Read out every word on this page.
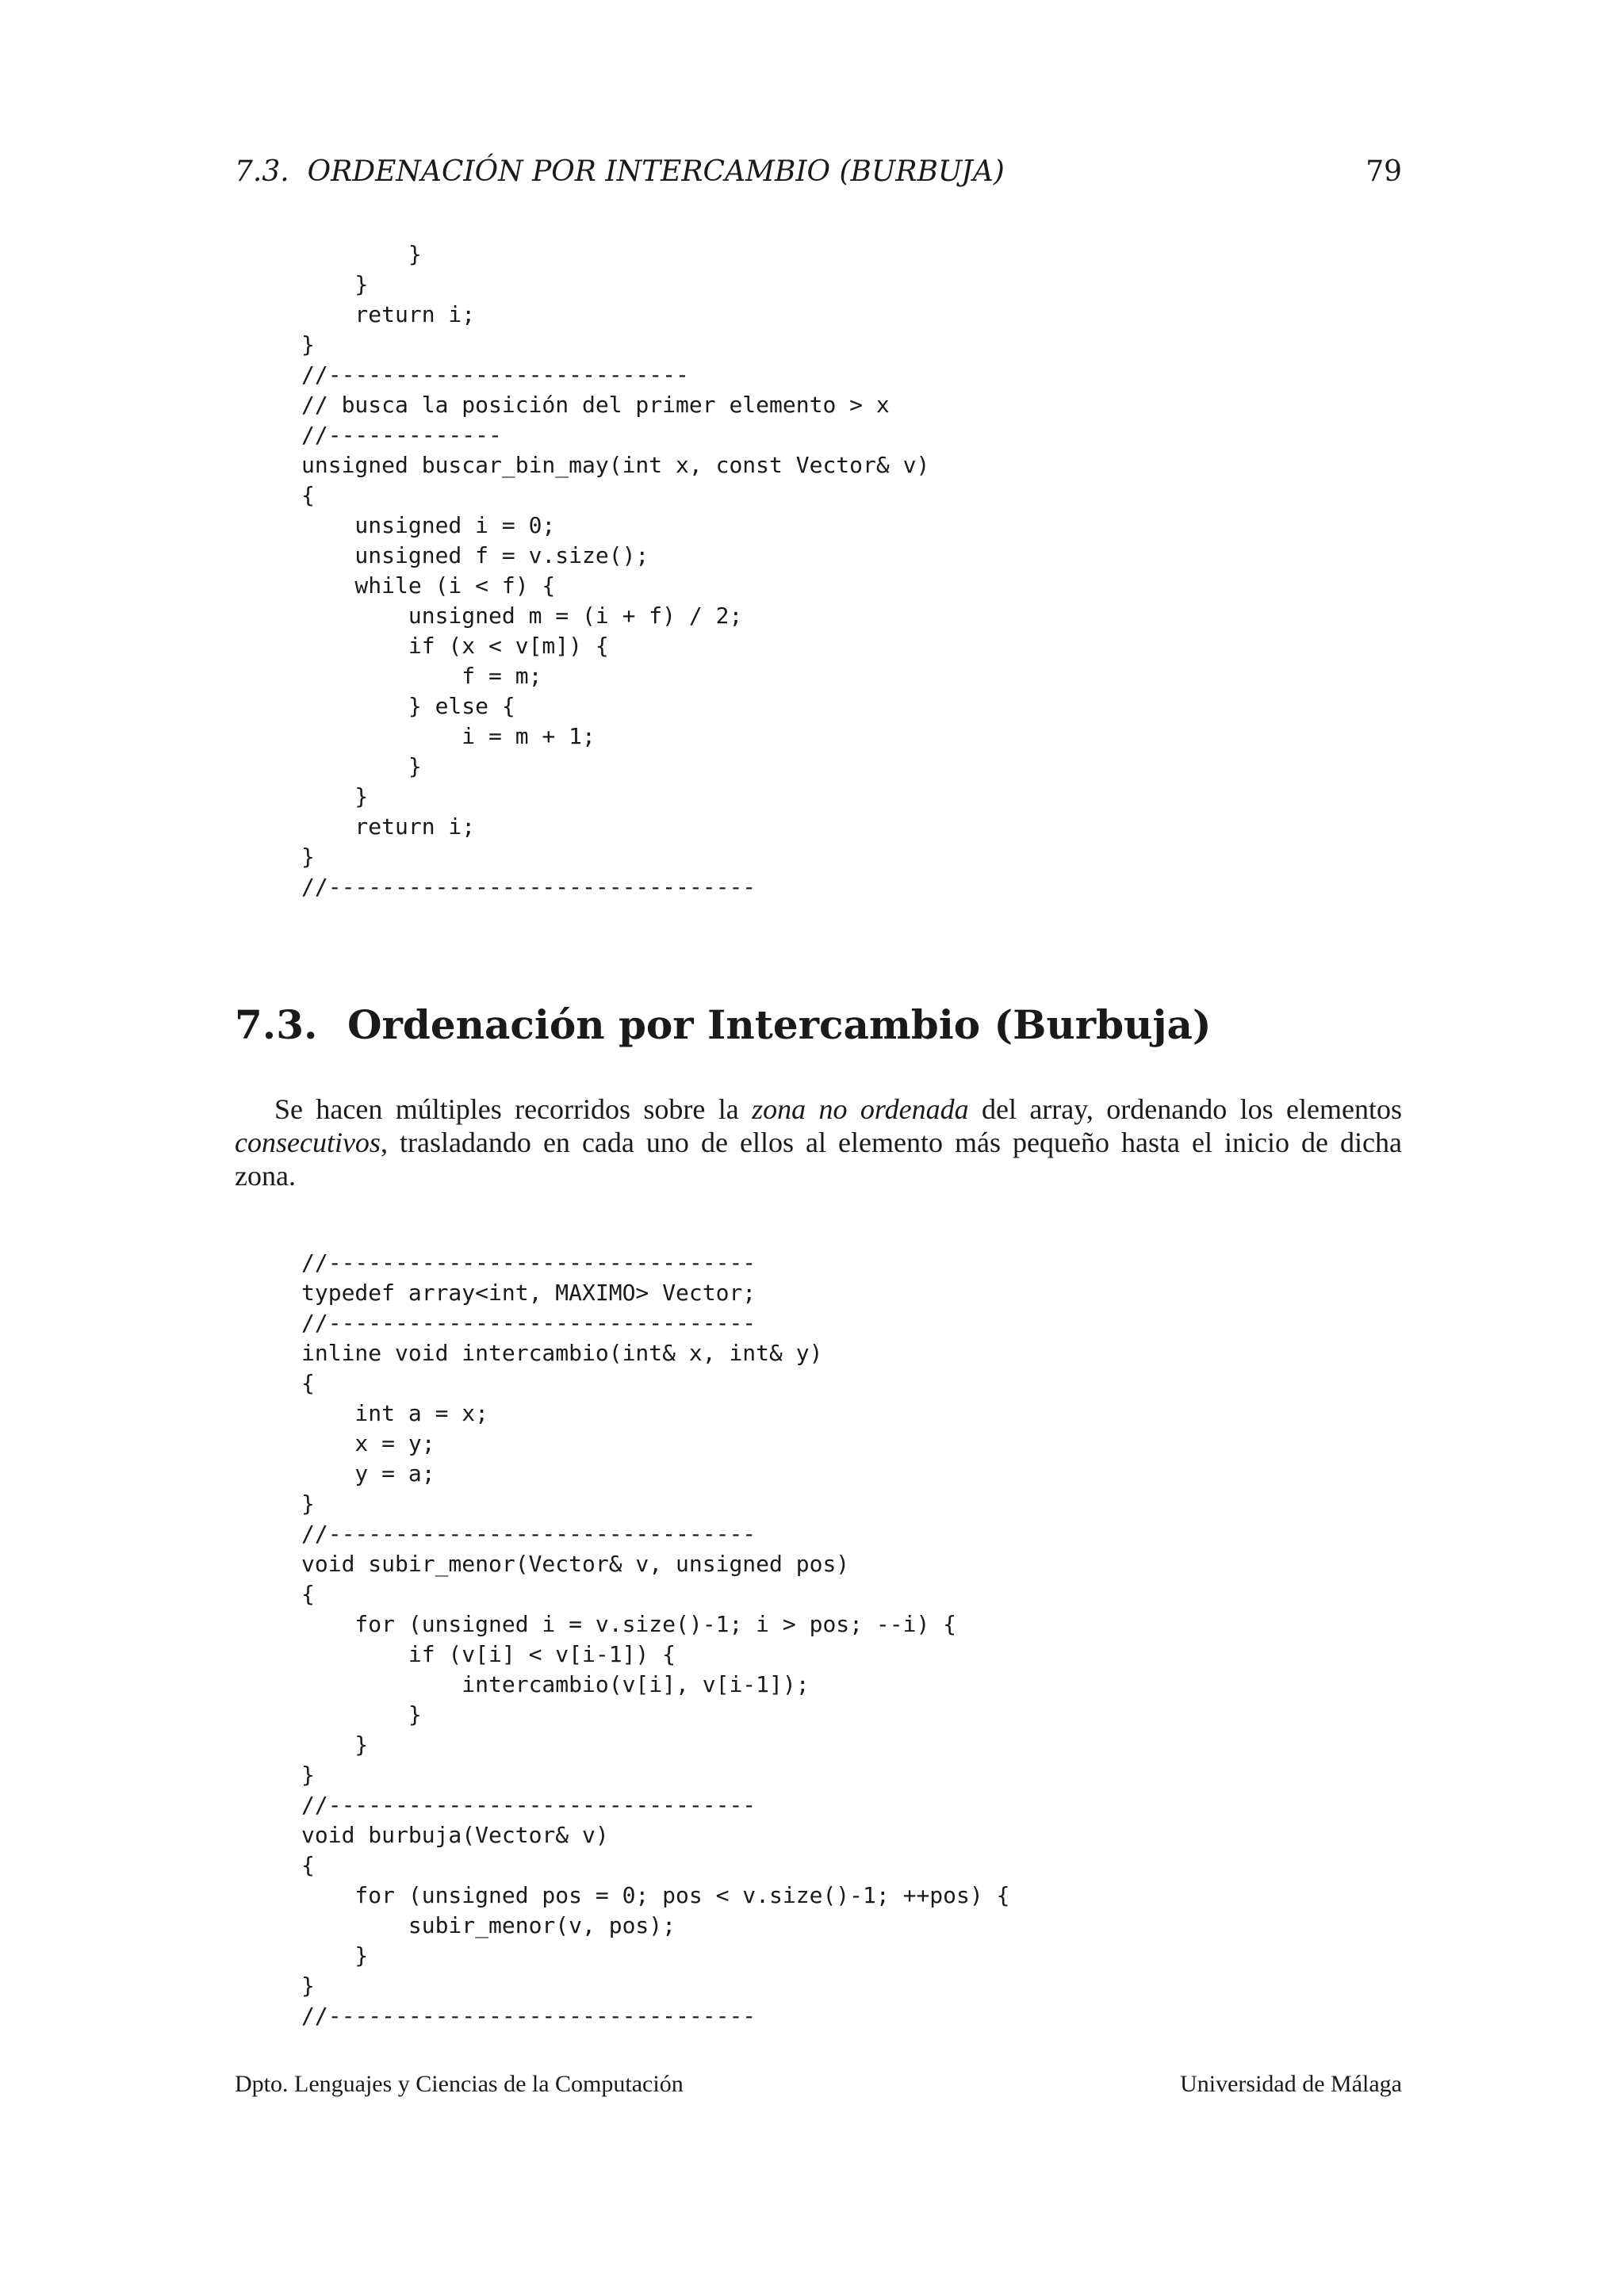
7.3.  ORDENACIÓN POR INTERCAMBIO (BURBUJA)	79
}
}
return i;
}
//---------------------------
// busca la posición del primer elemento > x
//-------------
unsigned buscar_bin_may(int x, const Vector& v)
{
unsigned i = 0;
unsigned f = v.size();
while (i < f) {
unsigned m = (i + f) / 2;
if (x < v[m]) {
f = m;
} else {
i = m + 1;
}
}
return i;
}
//--------------------------------
7.3. Ordenación por Intercambio (Burbuja)
Se hacen múltiples recorridos sobre la zona no ordenada del array, ordenando los elementos
consecutivos, trasladando en cada uno de ellos al elemento más pequeño hasta el inicio de dicha
zona.
//--------------------------------
typedef array<int, MAXIMO> Vector;
//--------------------------------
inline void intercambio(int& x, int& y)
{
int a = x;
x = y;
y = a;
}
//--------------------------------
void subir_menor(Vector& v, unsigned pos)
{
for (unsigned i = v.size()-1; i > pos; --i) {
if (v[i] < v[i-1]) {
intercambio(v[i], v[i-1]);
}
}
}
//--------------------------------
void burbuja(Vector& v)
{
for (unsigned pos = 0; pos < v.size()-1; ++pos) {
subir_menor(v, pos);
}
}
//--------------------------------
Dpto. Lenguajes y Ciencias de la Computación	Universidad de Málaga
